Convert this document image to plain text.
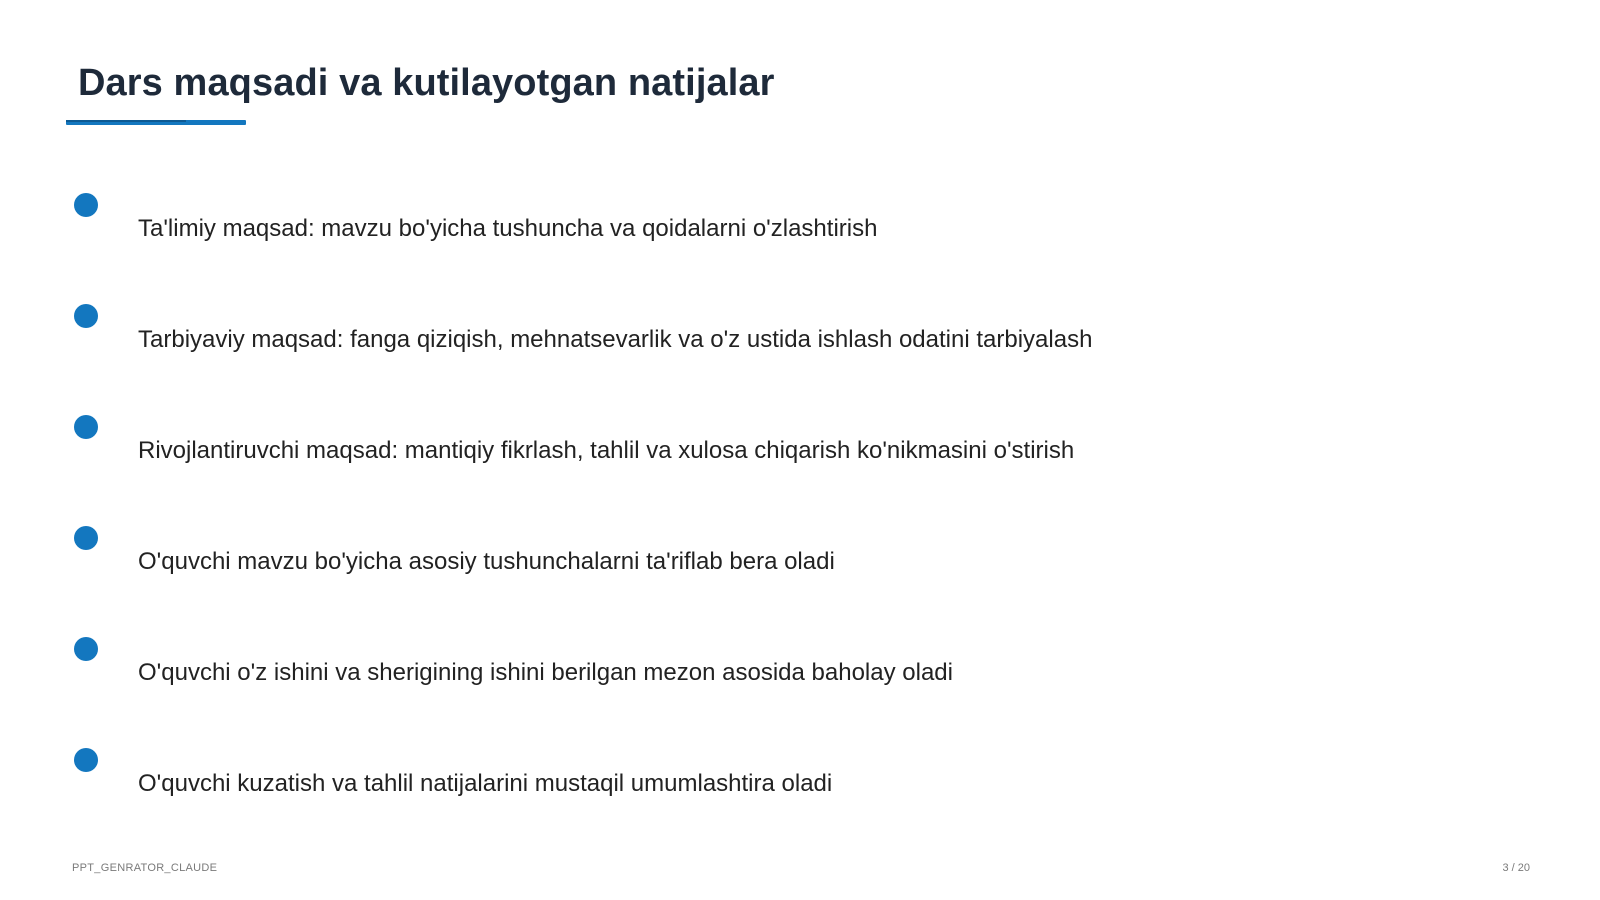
Dars maqsadi va kutilayotgan natijalar
Ta'limiy maqsad: mavzu bo'yicha tushuncha va qoidalarni o'zlashtirish
Tarbiyaviy maqsad: fanga qiziqish, mehnatsevarlik va o'z ustida ishlash odatini tarbiyalash
Rivojlantiruvchi maqsad: mantiqiy fikrlash, tahlil va xulosa chiqarish ko'nikmasini o'stirish
O'quvchi mavzu bo'yicha asosiy tushunchalarni ta'riflab bera oladi
O'quvchi o'z ishini va sherigining ishini berilgan mezon asosida baholay oladi
O'quvchi kuzatish va tahlil natijalarini mustaqil umumlashtira oladi
PPT_GENRATOR_CLAUDE	3 / 20
